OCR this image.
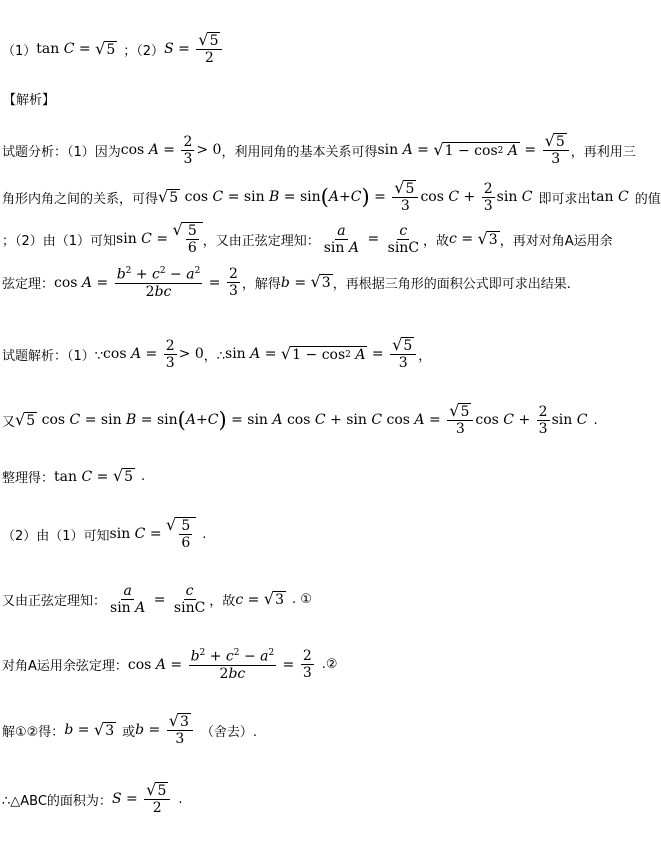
（1） tan C = √ 5 ；（2） $S = \frac{√ 5}{2}$
【解析】
试题分析：（1）因为 $\cos A = \frac{2}{3} > 0$ ，利用同角的基本关系可得 sin A = √ 1 − cos 2 $A = \frac{√ 5}{3}$ ，再利用三
角形内角之间的关系，可得 √ 5 cos C = sin B = sin ( A + C ) = $\frac{√ 5}{3}$ $\cos C + \frac{2}{3}$ sin C 即可求出 tan C 的值
；（2）由（1）可知 sin C =
√ $\frac{5}{6}$ ，又由正弦定理知： $\frac{a}{\text{sin A}} = \frac{c}{\sin C}$ ，故 c = √ 3 ，再对对角A运用余
弦定理： $\cos A = \frac{b^2 + c^2 - a^2}{2bc} = \frac{2}{3}$ ，解得 b = √ 3 ，再根据三角形的面积公式即可求出结果.
试题解析：（1）∵ $\cos A = \frac{2}{3} > 0$ ，∴ sin A = √ 1 − cos 2 $A = \frac{√ 5}{3}$ ，
又 √ 5 cos C = sin B = sin ( A + C ) = sin A cos C + sin C $\cos A = \frac{√ 5}{3}$ $\cos C + \frac{2}{3}$ sin C .
整理得： tan C = √ 5 .
（2）由（1）可知 sin C =
√ $\frac{5}{6}$ .
又由正弦定理知： $\frac{a}{\text{sin A}} = \frac{c}{\sin C}$ ，故 c = √ 3 . ①
对角A运用余弦定理： $\cos A = \frac{b^2 + c^2 - a^2}{2bc} = \frac{2}{3}$ .②
解①②得： b = √ 3 或 $b = \frac{√ 3}{3}$ （舍去）.
∴△ABC的面积为： $S = \frac{√ 5}{2}$ .
